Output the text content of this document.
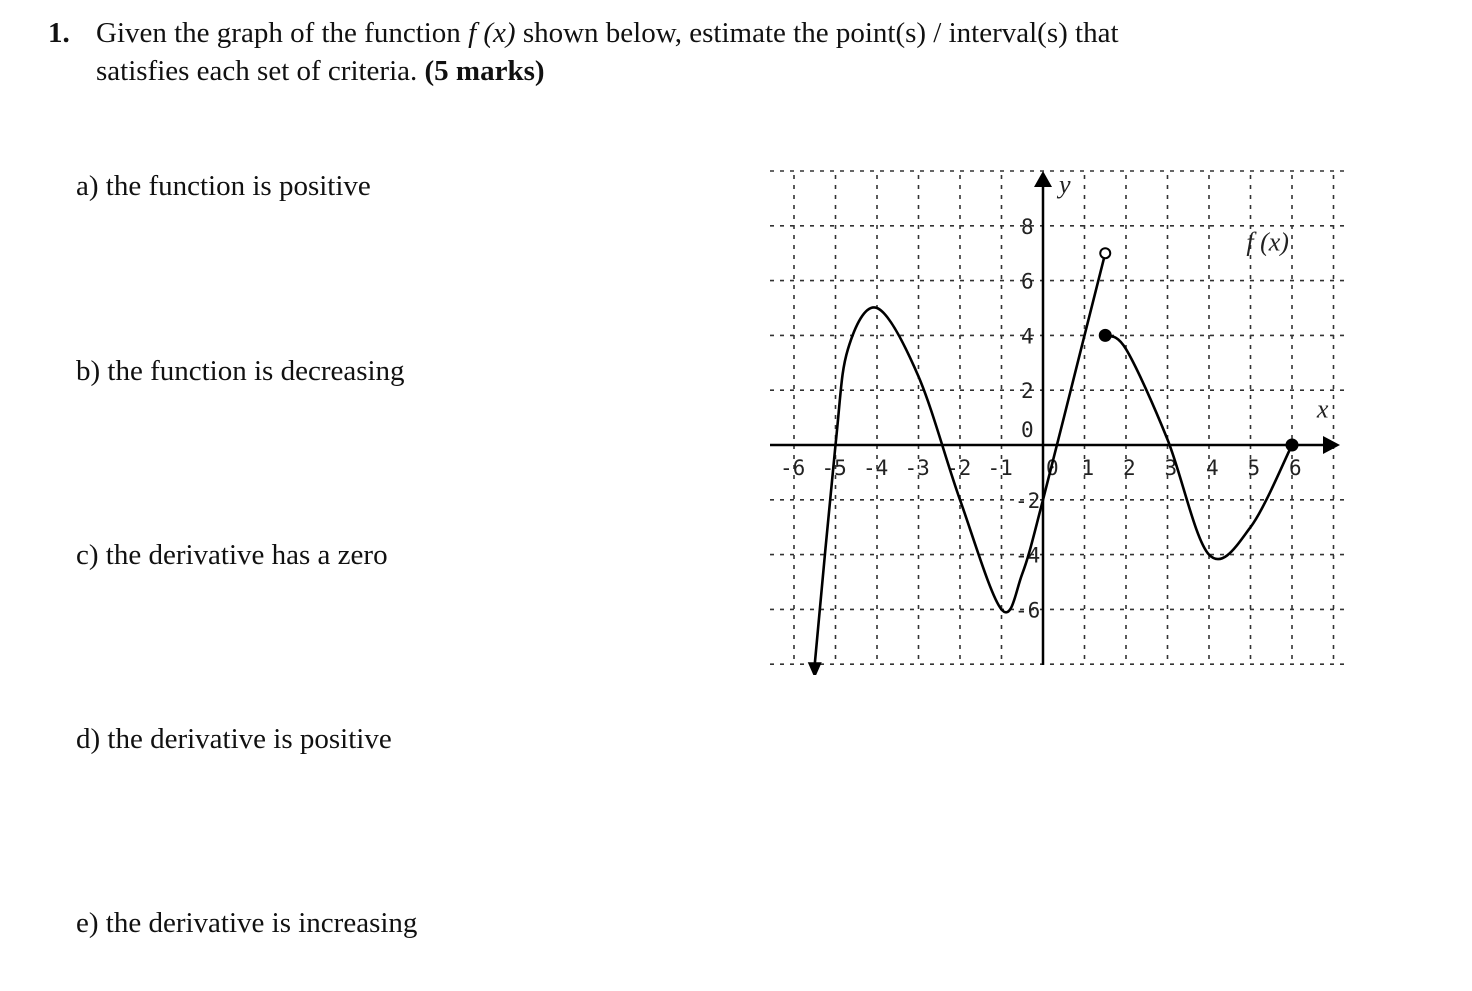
1. Given the graph of the function f (x) shown below, estimate the point(s) / interval(s) that
satisfies each set of criteria. (5 marks)
a) the function is positive
b) the function is decreasing
c) the derivative has a zero
d) the derivative is positive
e) the derivative is increasing
-6 -5 -4 -3 -2 -1 0 1 2 3 4 5 6
8
6
4
2
0
-2
-4
-6
f (x)
x
y
